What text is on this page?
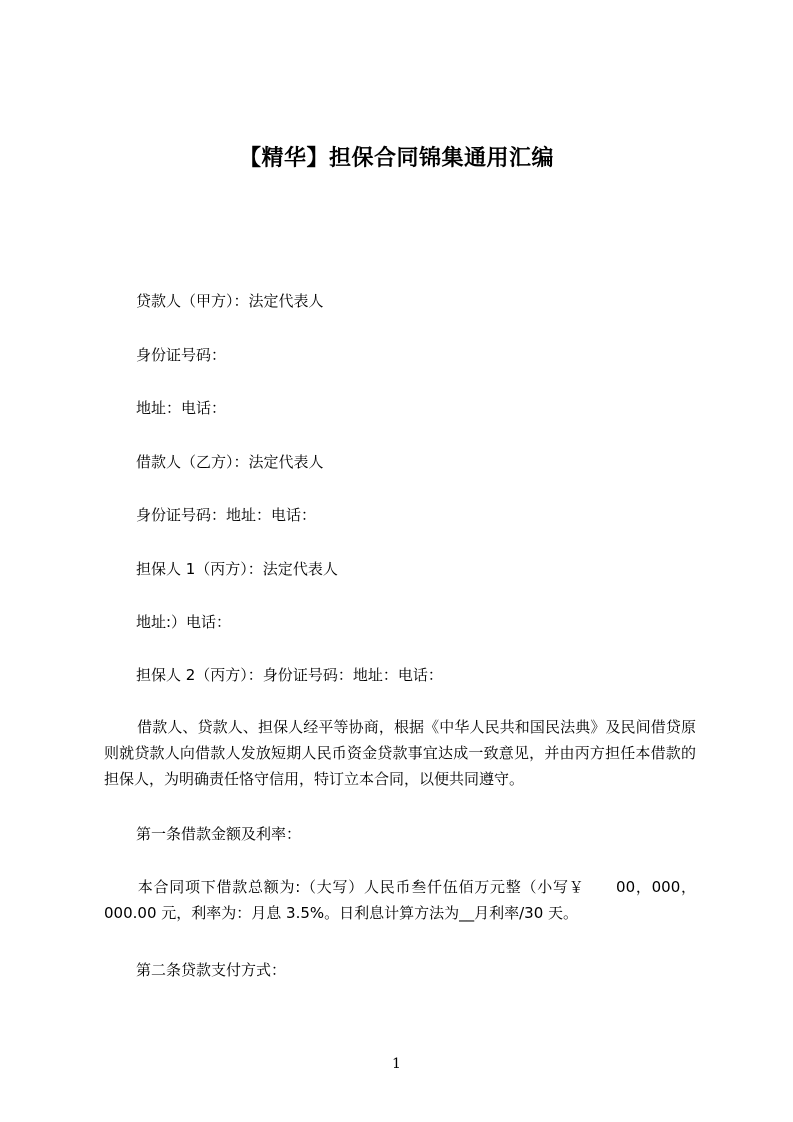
【精华】担保合同锦集通用汇编
贷款人（甲方）：法定代表人
身份证号码：
地址：电话：
借款人（乙方）：法定代表人
身份证号码：地址：电话：
担保人 1（丙方）：法定代表人
地址:）电话：
担保人 2（丙方）：身份证号码：地址：电话：
借款人、贷款人、担保人经平等协商，根据《中华人民共和国民法典》及民间借贷原则就贷款人向借款人发放短期人民币资金贷款事宜达成一致意见，并由丙方担任本借款的担保人，为明确责任恪守信用，特订立本合同，以便共同遵守。
第一条借款金额及利率：
本合同项下借款总额为:（大写）人民币叁仟伍佰万元整（小写￥　　00，000，000.00 元，利率为：月息 3.5%。日利息计算方法为__月利率/30 天。
第二条贷款支付方式：
1
